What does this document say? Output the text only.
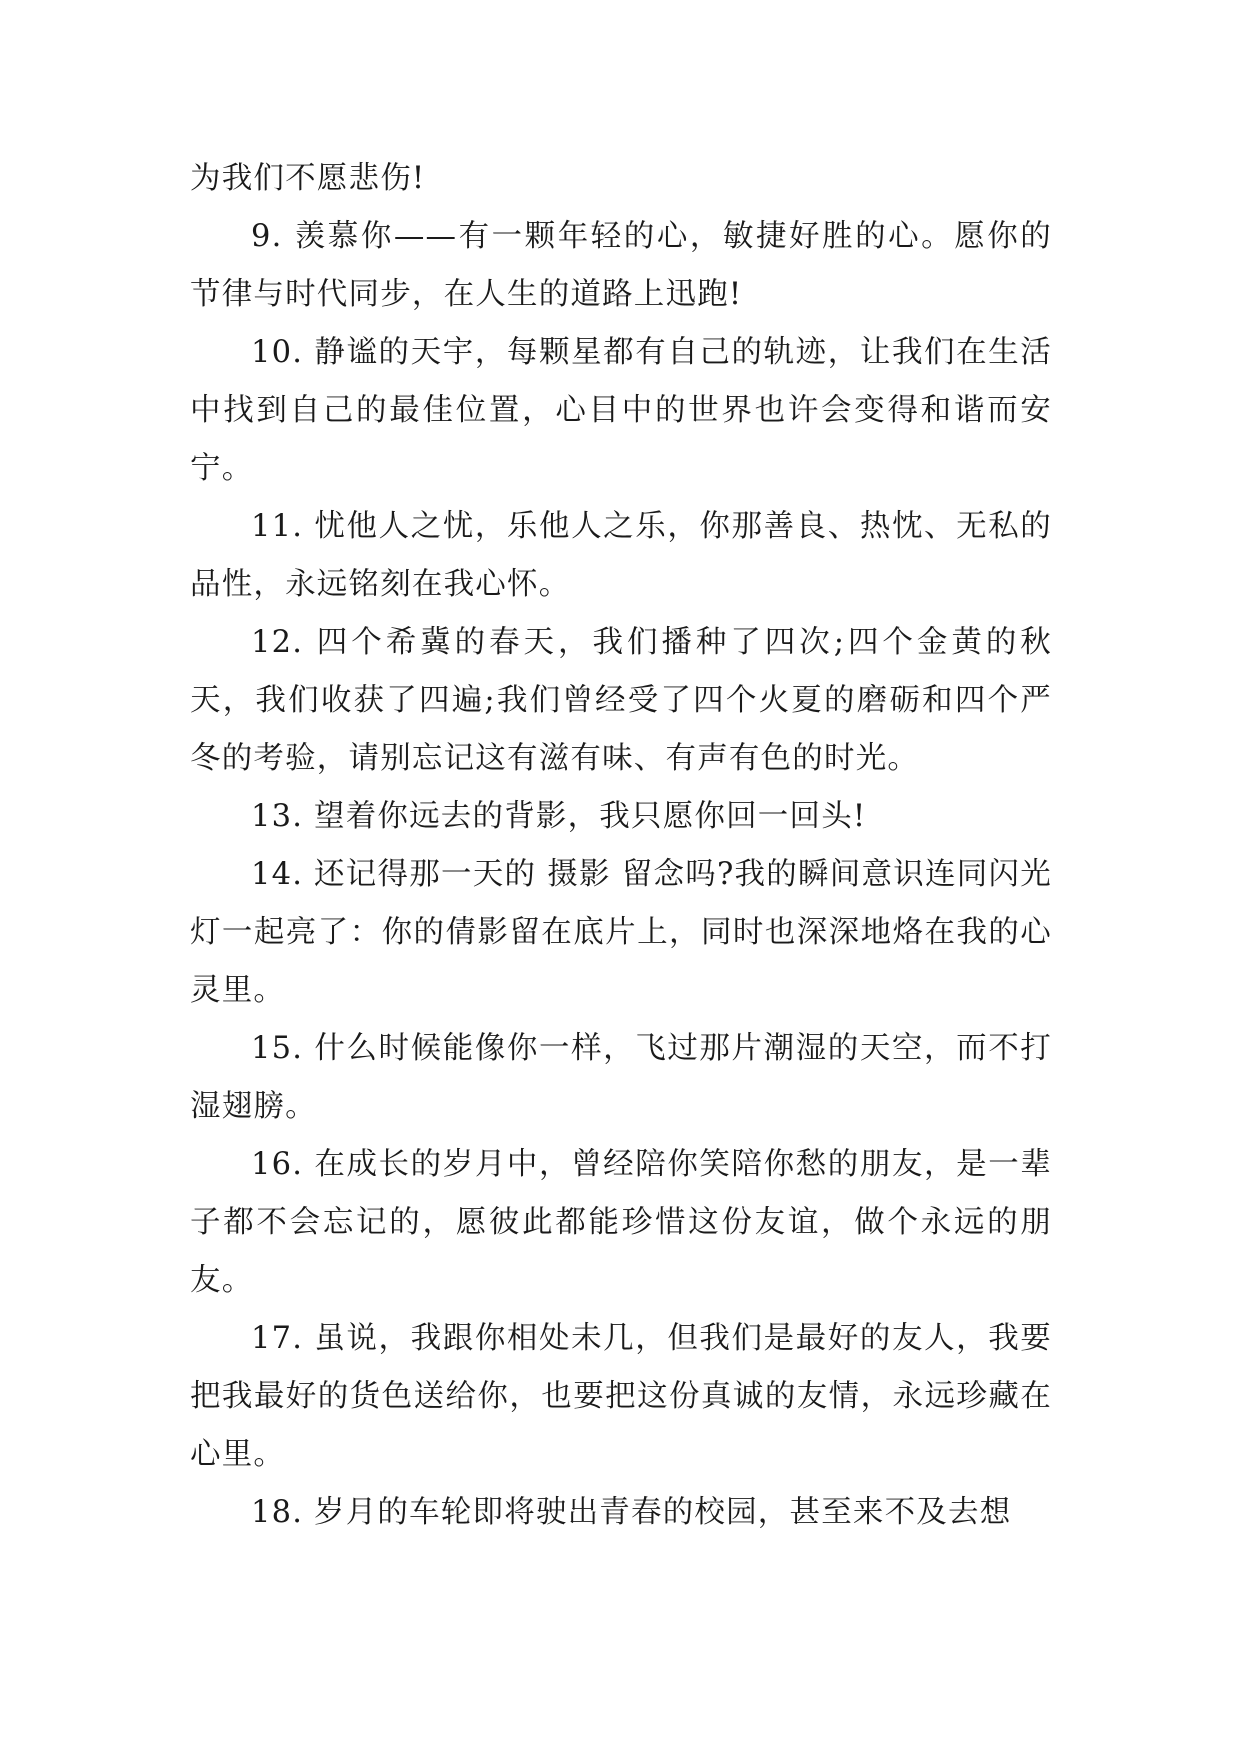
为我们不愿悲伤!

9. 羡慕你——有一颗年轻的心，敏捷好胜的心。愿你的节律与时代同步，在人生的道路上迅跑!

10. 静谧的天宇，每颗星都有自己的轨迹，让我们在生活中找到自己的最佳位置，心目中的世界也许会变得和谐而安宁。

11. 忧他人之忧，乐他人之乐，你那善良、热忱、无私的品性，永远铭刻在我心怀。

12. 四个希冀的春天，我们播种了四次;四个金黄的秋天，我们收获了四遍;我们曾经受了四个火夏的磨砺和四个严冬的考验，请别忘记这有滋有味、有声有色的时光。

13. 望着你远去的背影，我只愿你回一回头!

14. 还记得那一天的 摄影 留念吗?我的瞬间意识连同闪光灯一起亮了：你的倩影留在底片上，同时也深深地烙在我的心灵里。

15. 什么时候能像你一样，飞过那片潮湿的天空，而不打湿翅膀。

16. 在成长的岁月中，曾经陪你笑陪你愁的朋友，是一辈子都不会忘记的，愿彼此都能珍惜这份友谊，做个永远的朋友。

17. 虽说，我跟你相处未几，但我们是最好的友人，我要把我最好的货色送给你，也要把这份真诚的友情，永远珍藏在心里。

18. 岁月的车轮即将驶出青春的校园，甚至来不及去想
